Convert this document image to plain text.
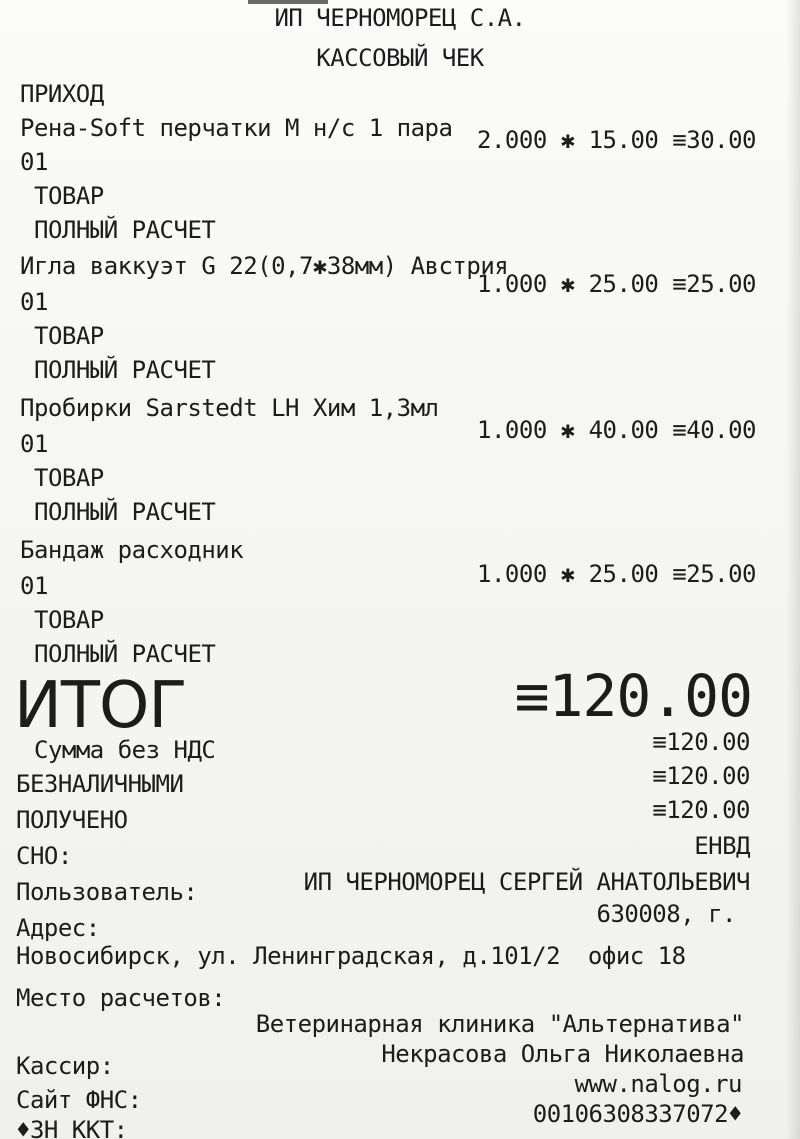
ИП ЧЕРНОМОРЕЦ С.А.
КАССОВЫЙ ЧЕК
ПРИХОД
Рена-Soft перчатки М н/с 1 пара
01
2.000 ✱ 15.00 ≡30.00
ТОВАР
ПОЛНЫЙ РАСЧЕТ
Игла ваккуэт G 22(0,7✱38мм) Австрия
01
1.000 ✱ 25.00 ≡25.00
ТОВАР
ПОЛНЫЙ РАСЧЕТ
Пробирки Sarstedt LH Хим 1,3мл
01	1.000 ✱ 40.00 ≡40.00
ТОВАР
ПОЛНЫЙ РАСЧЕТ
Бандаж расходник
01	1.000 ✱ 25.00 ≡25.00
ТОВАР
ПОЛНЫЙ РАСЧЕТ
ИТОГ	≡120.00
Сумма без НДС	≡120.00
БЕЗНАЛИЧНЫМИ	≡120.00
ПОЛУЧЕНО	≡120.00
СНО:	ЕНВД
Пользователь:	ИП ЧЕРНОМОРЕЦ СЕРГЕЙ АНАТОЛЬЕВИЧ
Адрес:	630008, г.
Новосибирск, ул. Ленинградская, д.101/2  офис 18
Место расчетов:
Ветеринарная клиника "Альтернатива"
Кассир:	Некрасова Ольга Николаевна
Сайт ФНС:
www.nalog.ru
♦ЗН ККТ:
0010630833707​2♦
